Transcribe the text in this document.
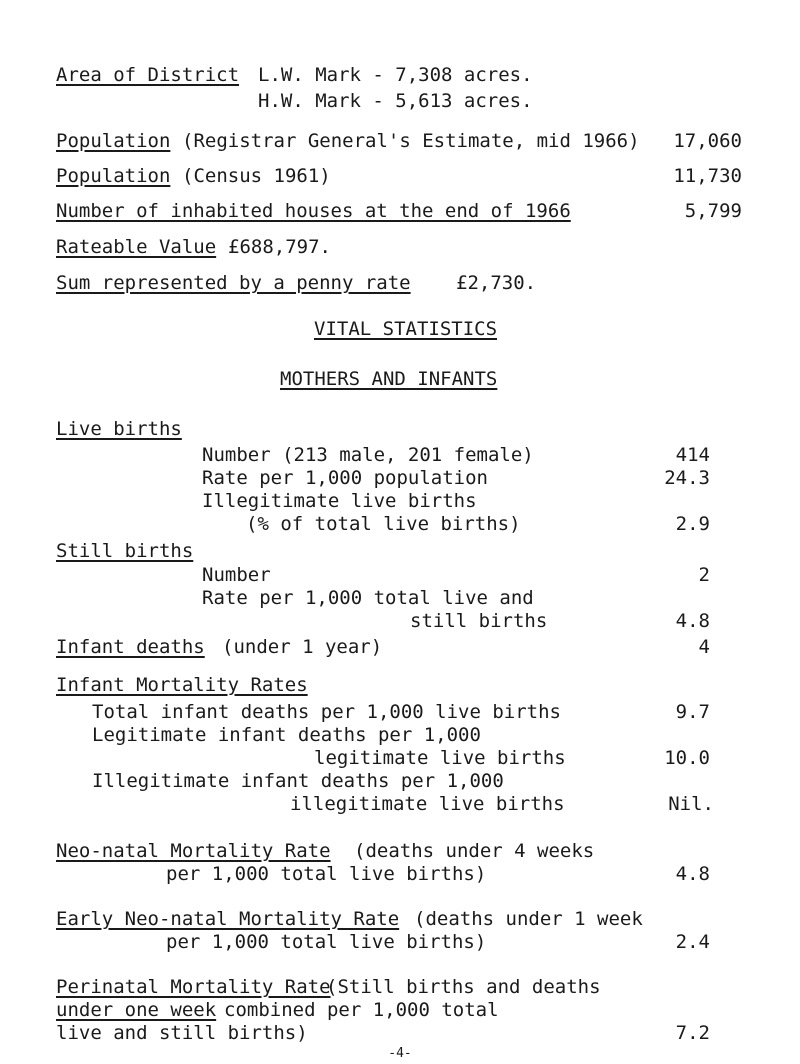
Area of District L.W. Mark - 7,308 acres.
H.W. Mark - 5,613 acres.
Population (Registrar General's Estimate, mid 1966)	17,060
Population (Census 1961)	11,730
Number of inhabited houses at the end of 1966	5,799
Rateable Value £688,797.
Sum represented by a penny rate £2,730.
VITAL STATISTICS
MOTHERS AND INFANTS
Live births
Number (213 male, 201 female)	414
Rate per 1,000 population	24.3
Illegitimate live births
(% of total live births)	2.9
Still births
Number	2
Rate per 1,000 total live and
still births	4.8
Infant deaths (under 1 year)	4
Infant Mortality Rates
Total infant deaths per 1,000 live births	9.7
Legitimate infant deaths per 1,000
legitimate live births	10.0
Illegitimate infant deaths per 1,000
illegitimate live births	Nil.
Neo-natal Mortality Rate (deaths under 4 weeks
per 1,000 total live births)	4.8
Early Neo-natal Mortality Rate (deaths under 1 week
per 1,000 total live births)	2.4
-4-
Perinatal Mortality Rate
(Still births and deaths
under one week combined per 1,000 total
live and still births)	7.2
